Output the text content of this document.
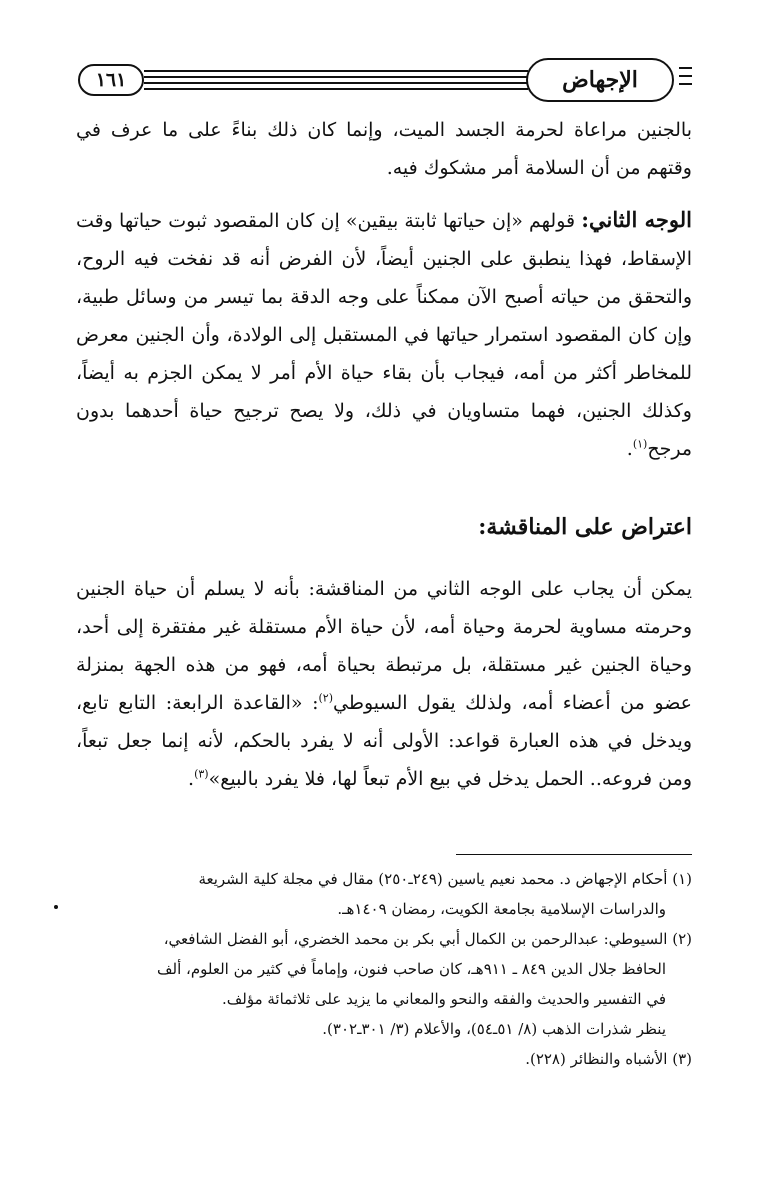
١٦١	الإجهاض
بالجنين مراعاة لحرمة الجسد الميت، وإنما كان ذلك بناءً على ما عرف في وقتهم من أن السلامة أمر مشكوك فيه.
الوجه الثاني: قولهم «إن حياتها ثابتة بيقين» إن كان المقصود ثبوت حياتها وقت الإسقاط، فهذا ينطبق على الجنين أيضاً، لأن الفرض أنه قد نفخت فيه الروح، والتحقق من حياته أصبح الآن ممكناً على وجه الدقة بما تيسر من وسائل طبية، وإن كان المقصود استمرار حياتها في المستقبل إلى الولادة، وأن الجنين معرض للمخاطر أكثر من أمه، فيجاب بأن بقاء حياة الأم أمر لا يمكن الجزم به أيضاً، وكذلك الجنين، فهما متساويان في ذلك، ولا يصح ترجيح حياة أحدهما بدون مرجح$^{(١)}$.
اعتراض على المناقشة:
يمكن أن يجاب على الوجه الثاني من المناقشة: بأنه لا يسلم أن حياة الجنين وحرمته مساوية لحرمة وحياة أمه، لأن حياة الأم مستقلة غير مفتقرة إلى أحد، وحياة الجنين غير مستقلة، بل مرتبطة بحياة أمه، فهو من هذه الجهة بمنزلة عضو من أعضاء أمه، ولذلك يقول السيوطي$^{(٢)}$: «القاعدة الرابعة: التابع تابع، ويدخل في هذه العبارة قواعد: الأولى أنه لا يفرد بالحكم، لأنه إنما جعل تبعاً، ومن فروعه.. الحمل يدخل في بيع الأم تبعاً لها، فلا يفرد بالبيع»$^{(٣)}$.
(١) أحكام الإجهاض د. محمد نعيم ياسين (٢٤٩ـ٢٥٠) مقال في مجلة كلية الشريعة
والدراسات الإسلامية بجامعة الكويت، رمضان ١٤٠٩هـ.
(٢) السيوطي: عبدالرحمن بن الكمال أبي بكر بن محمد الخضري، أبو الفضل الشافعي،
الحافظ جلال الدين ٨٤٩ ـ ٩١١هـ، كان صاحب فنون، وإماماً في كثير من العلوم، ألف
في التفسير والحديث والفقه والنحو والمعاني ما يزيد على ثلاثمائة مؤلف.
ينظر شذرات الذهب (٨/ ٥١ـ٥٤)، والأعلام (٣/ ٣٠١ـ٣٠٢).
(٣) الأشباه والنظائر (٢٢٨).
